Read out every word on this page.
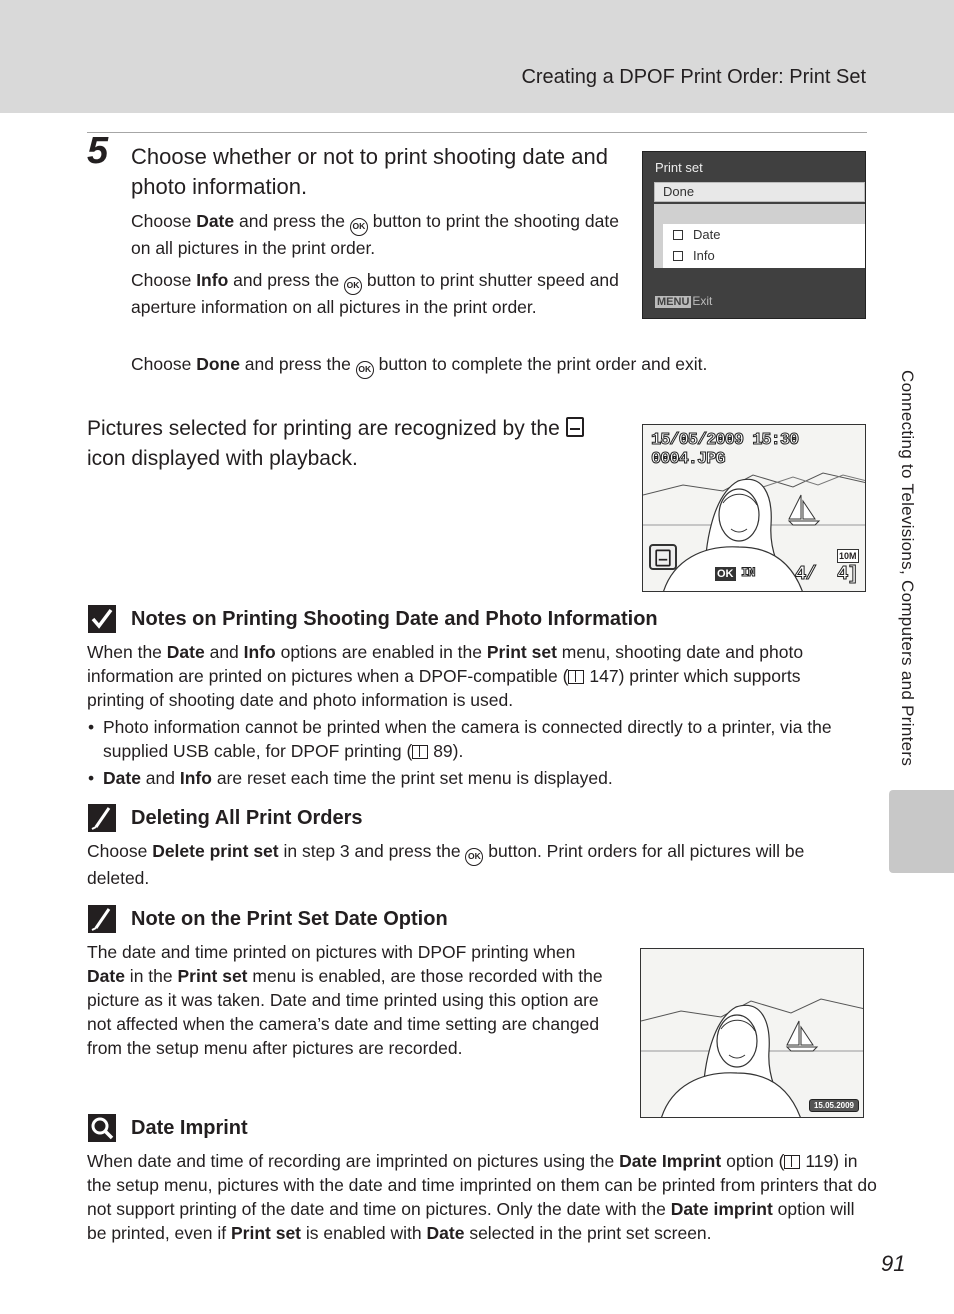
Creating a DPOF Print Order: Print Set
5 Choose whether or not to print shooting date and photo information.
Choose Date and press the OK button to print the shooting date on all pictures in the print order.
Choose Info and press the OK button to print shutter speed and aperture information on all pictures in the print order.
Choose Done and press the OK button to complete the print order and exit.
Print set
Done
Date
Info
MENU Exit
Pictures selected for printing are recognized by the  icon displayed with playback.
15/05/2009 15:30
0004.JPG
OK IN 4/ 4]
10M
Notes on Printing Shooting Date and Photo Information
When the Date and Info options are enabled in the Print set menu, shooting date and photo information are printed on pictures when a DPOF-compatible ( 147) printer which supports printing of shooting date and photo information is used.
• Photo information cannot be printed when the camera is connected directly to a printer, via the supplied USB cable, for DPOF printing ( 89).
• Date and Info are reset each time the print set menu is displayed.
Deleting All Print Orders
Choose Delete print set in step 3 and press the OK button. Print orders for all pictures will be deleted.
Note on the Print Set Date Option
The date and time printed on pictures with DPOF printing when Date in the Print set menu is enabled, are those recorded with the picture as it was taken. Date and time printed using this option are not affected when the camera’s date and time setting are changed from the setup menu after pictures are recorded.
15.05.2009
Date Imprint
When date and time of recording are imprinted on pictures using the Date Imprint option ( 119) in the setup menu, pictures with the date and time imprinted on them can be printed from printers that do not support printing of the date and time on pictures. Only the date with the Date imprint option will be printed, even if Print set is enabled with Date selected in the print set screen.
Connecting to Televisions, Computers and Printers
91
